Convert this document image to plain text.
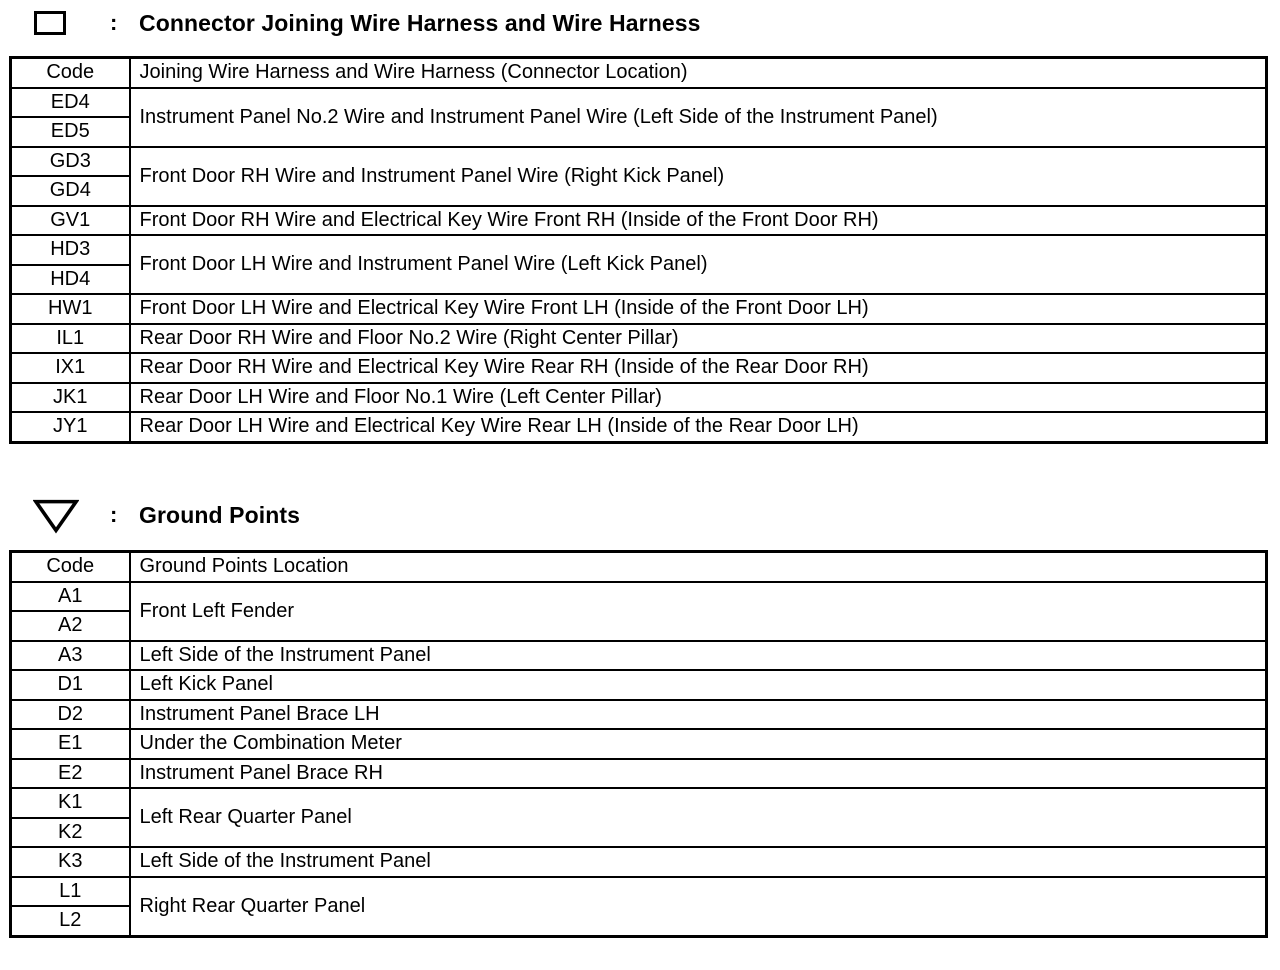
: Connector Joining Wire Harness and Wire Harness
Code	Joining Wire Harness and Wire Harness (Connector Location)
ED4	Instrument Panel No.2 Wire and Instrument Panel Wire (Left Side of the Instrument Panel)
ED5	
GD3	Front Door RH Wire and Instrument Panel Wire (Right Kick Panel)
GD4	
GV1	Front Door RH Wire and Electrical Key Wire Front RH (Inside of the Front Door RH)
HD3	Front Door LH Wire and Instrument Panel Wire (Left Kick Panel)
HD4	
HW1	Front Door LH Wire and Electrical Key Wire Front LH (Inside of the Front Door LH)
IL1	Rear Door RH Wire and Floor No.2 Wire (Right Center Pillar)
IX1	Rear Door RH Wire and Electrical Key Wire Rear RH (Inside of the Rear Door RH)
JK1	Rear Door LH Wire and Floor No.1 Wire (Left Center Pillar)
JY1	Rear Door LH Wire and Electrical Key Wire Rear LH (Inside of the Rear Door LH)
: Ground Points
Code	Ground Points Location
A1	Front Left Fender
A2	
A3	Left Side of the Instrument Panel
D1	Left Kick Panel
D2	Instrument Panel Brace LH
E1	Under the Combination Meter
E2	Instrument Panel Brace RH
K1	Left Rear Quarter Panel
K2	
K3	Left Side of the Instrument Panel
L1	Right Rear Quarter Panel
L2	
